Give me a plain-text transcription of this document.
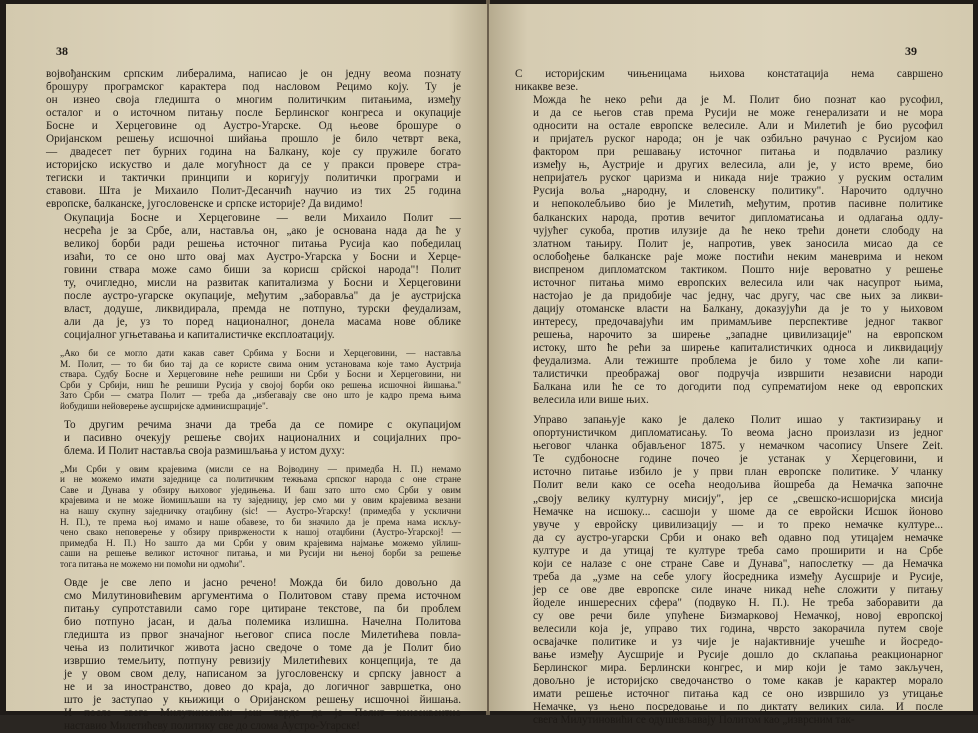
38

војвођанским српским либералима, написао је он једну веома познату
брошуру програмског карактера под насловом Рецимо коју. Ту је
он изнео своја гледишта о многим политичким питањима, између
осталог и о источном питању после Берлинског конгреса и окупације
Босне и Херцеговине од Аустро-Угарске. Од њеове брошуре о
Оријанском решењу исшочноі шийања прошло је било четврт века,
— двадесет пет бурних година на Балкану, које су пружиле богато
историјско искуство и дале могућност да се у пракси провере стра-
тегиски и тактички принципи и коригују политички програми и
ставови. Шта је Михаило Полит-Десанчић научио из тих 25 година
европске, балканске, југословенске и српске историје? Да видимо!

Окупација Босне и Херцеговине — вели Михаило Полит —
несрећа је за Србе, али, наставља он, „ако је основана нада да ће у
великој борби ради решења источног питања Русија као победилац
изаћи, то се оно што овај мах Аустро-Угарска у Босни и Херце-
говини ствара може само биши за корисш срйскоі народа"! Полит
ту, очигледно, мисли на развитак капитализма у Босни и Херцеговини
после аустро-угарске окупације, међутим „заборавља" да је аустријска
власт, додуше, ликвидирала, премда не потпуно, турски феудализам,
али да је, уз то поред националног, донела масама нове облике
социјалног угњетавања и капиталистичке експлоатацију.

„Ако би се могло дати какав савет Србима у Босни и Херцеговини, — наставља
М. Полит, — то би био тај да се користе свима оним установама које тамо Аустрија
ствара. Судбу Босне и Херцеговине неће решиши ни Срби у Босни и Херцеговини, ни
Срби у Србији, ниш ће решиши Русија у својој борби око решења исшочноі йишања."
Зато Срби — сматра Полит — треба да „избегавају све оно што је кадро према њима
йобудиши нейоверење аусшријске админисшрације".

То другим речима значи да треба да се помире с окупацијом
и пасивно очекују решење својих националних и социјалних про-
блема. И Полит наставља своја размишљања у истом духу:

„Ми Срби у овим крајевима (мисли се на Војводину — примедба Н. П.) немамо
и не можемо имати заједнице са политичким тежњама српског народа с оне стране
Саве и Дунава у обзиру њиховог уједињења. И баш зато што смо Срби у овим
крајевима и не може йомишљаши на ту заједницу, јер смо ми у овим крајевима везани
на нашу скупну заједничку отаџбину (sic! — Аустро-Угарску! (примедба у усклични
Н. П.), те према њој имамо и наше обавезе, то би значило да је према нама искљу-
чено свако неповерење у обзиру привржености к нашој отаџбини (Аустро-Угарској! —
примедба Н. П.) Но зашто да ми Срби у овим крајевима најмање можемо уйлиш-
саши на решење великог источног питања, и ми Русији ни њеној борби за решење
тога питања не можемо ни помоћи ни одмоћи".

Овде је све лепо и јасно речено! Можда би било довољно да
смо Милутиновићевим аргументима о Политовом ставу према источном
питању супротставили само горе цитиране текстове, па би проблем
био потпуно јасан, и даља полемика излишна. Начелна Политова
гледишта из првог значајног његовог списа после Милетићева повла-
чења из политичког живота јасно сведоче о томе да је Полит био
извршио темељиту, потпуну ревизију Милетићевих концепција, те да
је у овом свом делу, написаном за југословенску и српску јавност а
не и за иностранство, довео до краја, до логичног завршетка, оно
што је заступао у књижици о Оријанском решењу исшочноі йишања.
И после свега Милутиновићи још тврде да је Полит консеквентно
наставио Милетићеву политику све до слома Аустро-Угарске!

39

С историјским чињеницама њихова констатација нема савршено
никакве везе.

Можда ће неко рећи да је М. Полит био познат као русофил,
и да се његов став према Русији не може генерализати и не мора
односити на остале европске велесиле. Али и Милетић је био русофил
и пријатељ руског народа; он је чак озбиљно рачунао с Русијом као
фактором при решавању источног питања и подвлачио разлику
између њ, Аустрије и других велесила, али је, у исто време, био
непријатељ руског царизма и никада није тражио у руским осталим
Русија воља „народну, и словенску политику". Нарочито одлучно
и непоколебљиво био је Милетић, међутим, против пасивне политике
балканских народа, против вечитог дипломатисања и одлагања одлу-
чујућег сукоба, против илузије да ће неко трећи донети слободу на
златном тањиру. Полит је, напротив, увек заносила мисао да се
ослобођење балканске раје може постићи неким маневрима и неком
виспреном дипломатском тактиком. Пошто није вероватно у решење
источног питања мимо европских велесила или чак насупрот њима,
настојао је да придобије час једну, час другу, час све њих за ликви-
дацију отоманске власти на Балкану, доказујући да је то у њиховом
интересу, предочавајући им примамљиве перспективе једног таквог
решења, нарочито за ширење „западне цивилизације" на европском
истоку, што ће рећи за ширење капиталистичких односа и ликвидацију
феудализма. Али тежиште проблема је било у томе хоће ли капи-
талистички преображај овог подручја извршити независни народи
Балкана или ће се то догодити под супрематијом неке од европских
велесила или више њих.

Управо запањује како је далеко Полит ишао у тактизирању и
опортунистичком дипломатисању. То веома јасно произлази из једног
његовог чланка објављеног 1875. у немачком часопису Unsere Zeit.
Те судбоносне године почео је устанак у Херцеговини, и
источно питање избило је у први план европске политике. У чланку
Полит вели како се осећа неодољива йошреба да Немачка започне
„своју велику културну мисију", јер се „свешско-исшоријска мисија
Немачке на исшоку... сасшоји у шоме да се евройски Исшок йоново
увуче у евройску цивилизацију — и то преко немачке културе...
да су аустро-угарски Срби и онако већ одавно под утицајем немачке
културе и да утицај те културе треба само проширити и на Србе
који се налазе с оне стране Саве и Дунава", напослетку — да Немачка
треба да „узме на себе улогу йосредника између Аусшрије и Русије,
јер се ове две европске силе иначе никад неће сложити у питању
йоделе иншересних сфера" (подвуко Н. П.). Не треба заборавити да
су ове речи биле упућене Бизмарковој Немачкој, новој европској
велесили која је, управо тих година, чврсто закорачила путем своје
освајачке политике и уз чије је најактивније учешће и йосредо-
вање између Аусшрије и Русије дошло до склапања реакционарног
Берлинског мира. Берлински конгрес, и мир који је тамо закључен,
довољно је историјско сведочанство о томе какав је карактер морало
имати решење источног питања кад се оно извршило уз утицање
Немачке, уз њено посредовање и по диктату великих сила. И после
свега Милутиновићи се одушевљавају Политом као „изврсним так-
